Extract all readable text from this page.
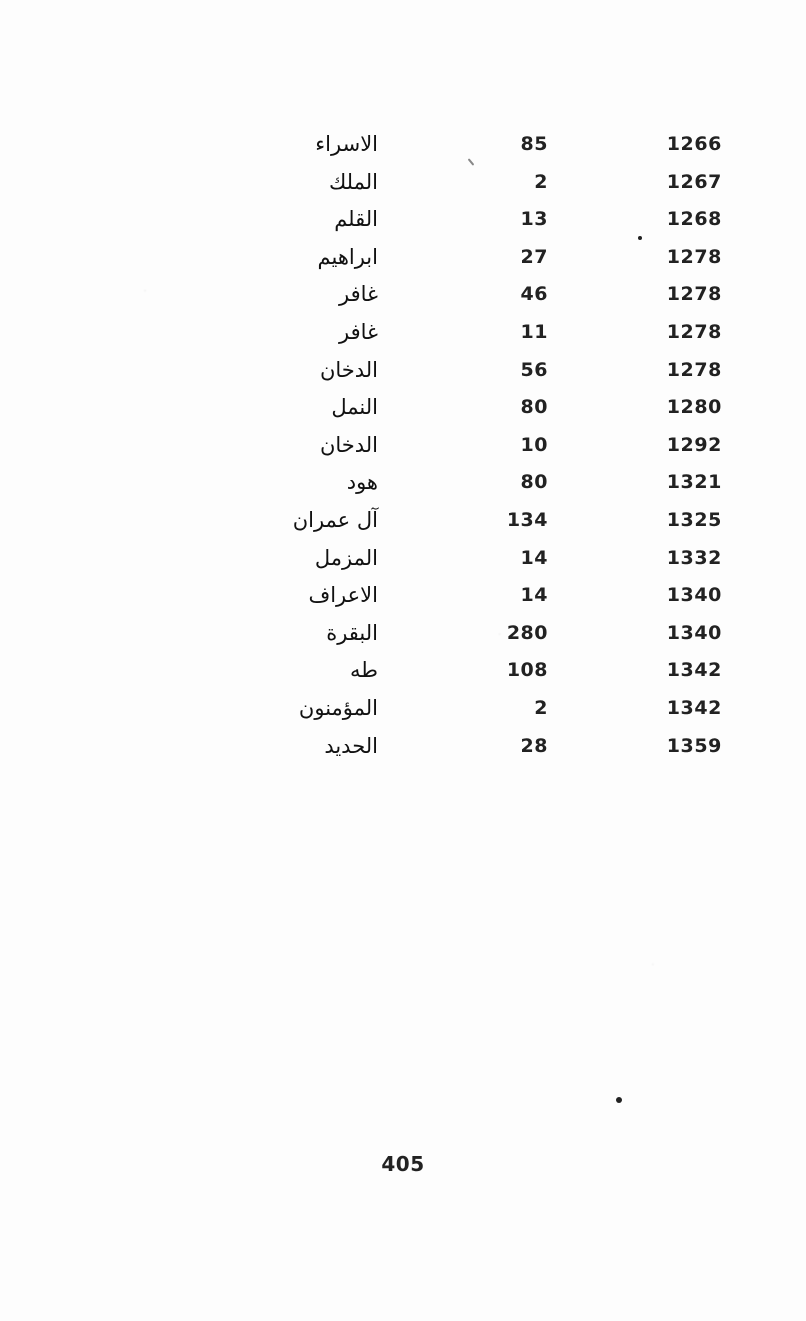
الاسراء	85	1266
الملك	2	1267
القلم	13	1268
ابراهيم	27	1278
غافر	46	1278
غافر	11	1278
الدخان	56	1278
النمل	80	1280
الدخان	10	1292
هود	80	1321
آل عمران	134	1325
المزمل	14	1332
الاعراف	14	1340
البقرة	280	1340
طه	108	1342
المؤمنون	2	1342
الحديد	28	1359
405
